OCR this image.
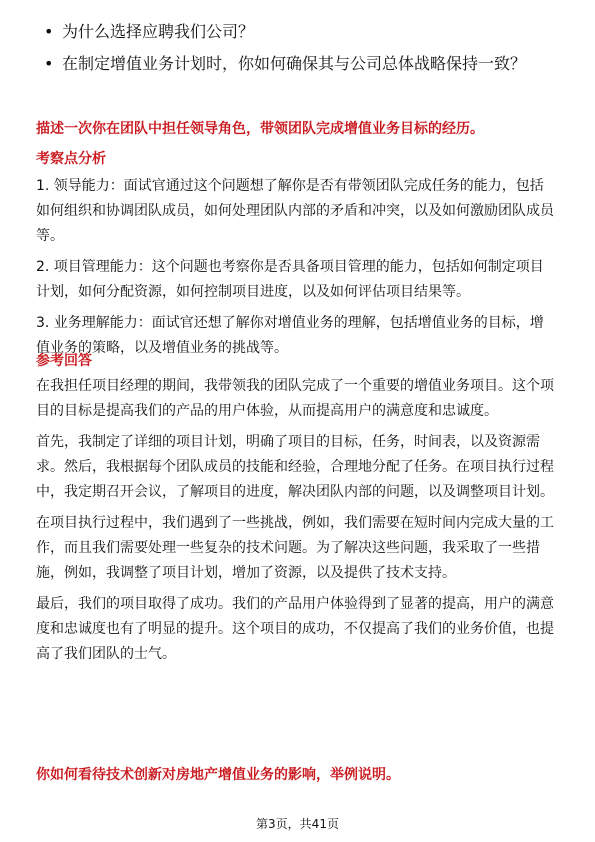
• 为什么选择应聘我们公司？
• 在制定增值业务计划时，你如何确保其与公司总体战略保持一致？
描述一次你在团队中担任领导角色，带领团队完成增值业务目标的经历。
考察点分析

1. 领导能力：面试官通过这个问题想了解你是否有带领团队完成任务的能力，包括如何组织和协调团队成员，如何处理团队内部的矛盾和冲突，以及如何激励团队成员等。

2. 项目管理能力：这个问题也考察你是否具备项目管理的能力，包括如何制定项目计划，如何分配资源，如何控制项目进度，以及如何评估项目结果等。

3. 业务理解能力：面试官还想了解你对增值业务的理解，包括增值业务的目标，增值业务的策略，以及增值业务的挑战等。

参考回答

在我担任项目经理的期间，我带领我的团队完成了一个重要的增值业务项目。这个项目的目标是提高我们的产品的用户体验，从而提高用户的满意度和忠诚度。

首先，我制定了详细的项目计划，明确了项目的目标，任务，时间表，以及资源需求。然后，我根据每个团队成员的技能和经验，合理地分配了任务。在项目执行过程中，我定期召开会议，了解项目的进度，解决团队内部的问题，以及调整项目计划。

在项目执行过程中，我们遇到了一些挑战，例如，我们需要在短时间内完成大量的工作，而且我们需要处理一些复杂的技术问题。为了解决这些问题，我采取了一些措施，例如，我调整了项目计划，增加了资源，以及提供了技术支持。

最后，我们的项目取得了成功。我们的产品用户体验得到了显著的提高，用户的满意度和忠诚度也有了明显的提升。这个项目的成功，不仅提高了我们的业务价值，也提高了我们团队的士气。

你如何看待技术创新对房地产增值业务的影响，举例说明。
第3页，共41页
